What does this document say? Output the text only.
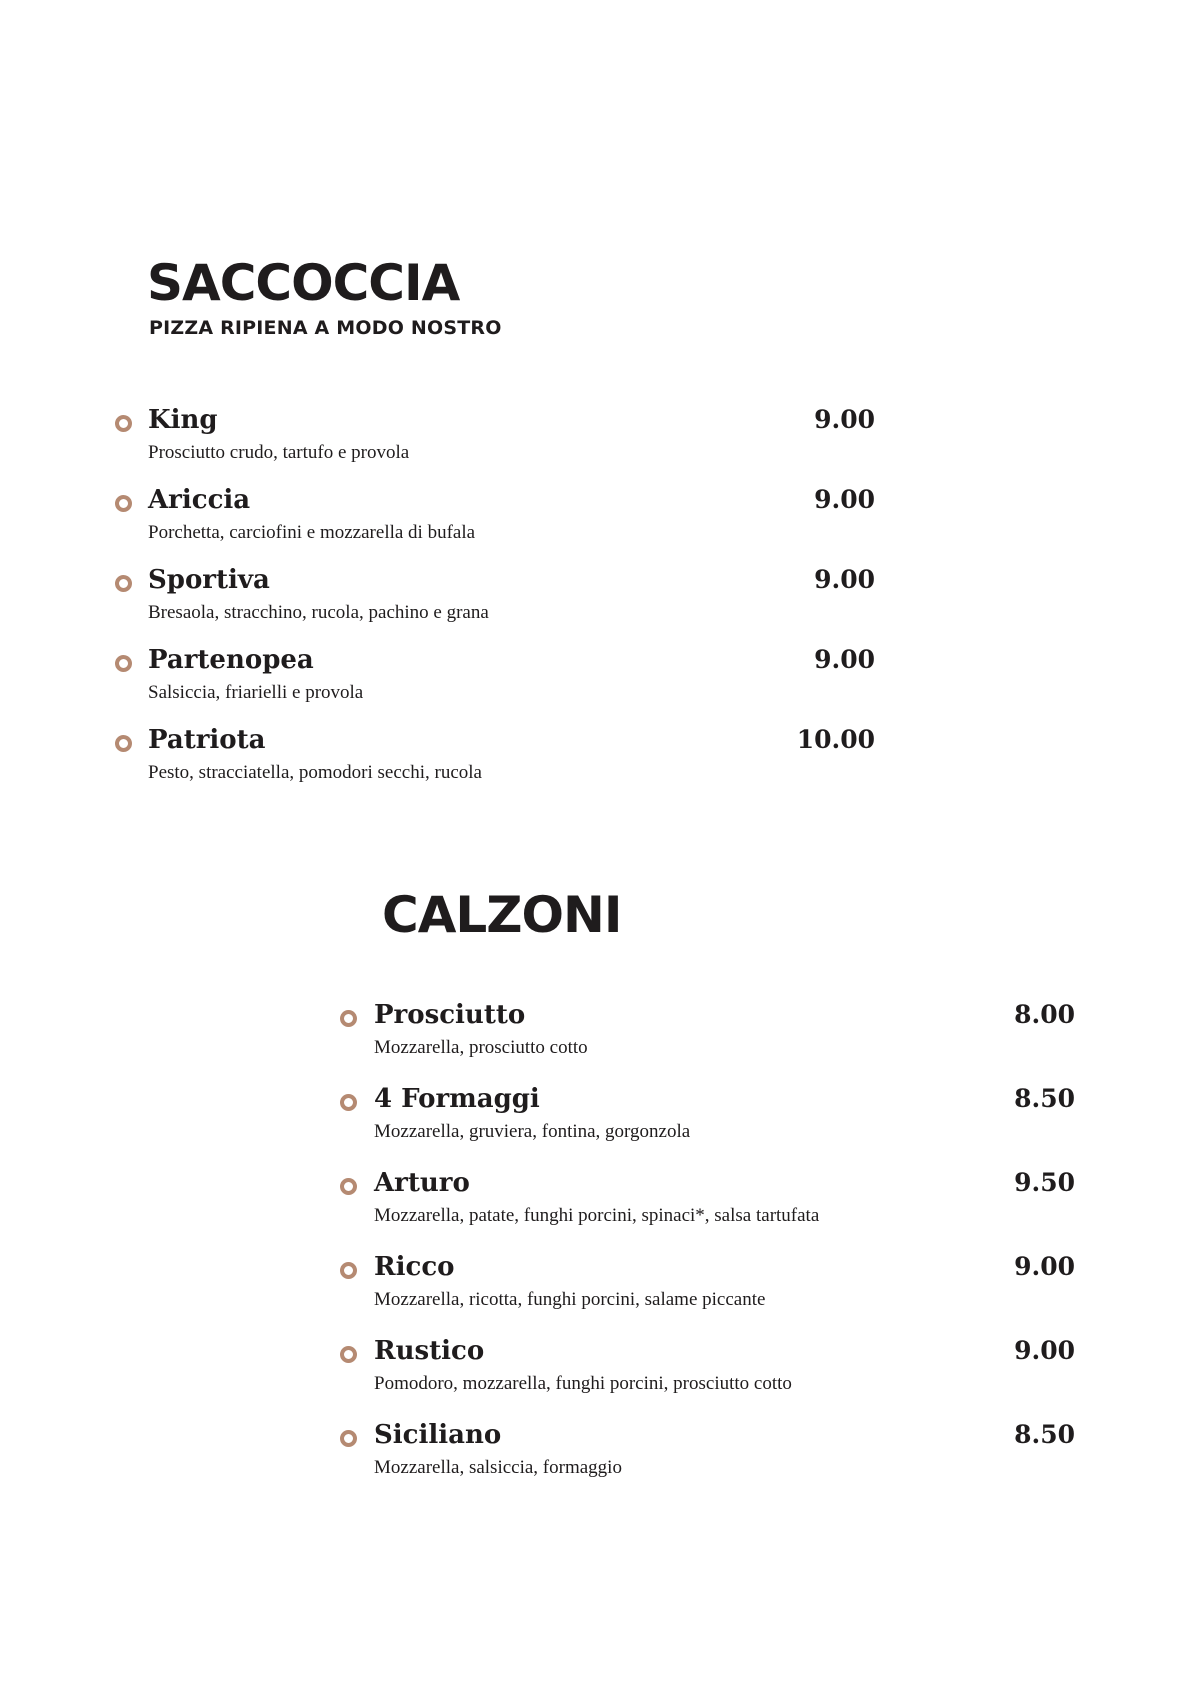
SACCOCCIA
PIZZA RIPIENA A MODO NOSTRO
King
Prosciutto crudo, tartufo e provola
9.00
Ariccia
Porchetta, carciofini e mozzarella di bufala
9.00
Sportiva
Bresaola, stracchino, rucola, pachino e grana
9.00
Partenopea
Salsiccia, friarielli e provola
9.00
Patriota
Pesto, stracciatella, pomodori secchi, rucola
10.00
CALZONI
Prosciutto
Mozzarella, prosciutto cotto
8.00
4 Formaggi
Mozzarella, gruviera, fontina, gorgonzola
8.50
Arturo
Mozzarella, patate, funghi porcini, spinaci*, salsa tartufata
9.50
Ricco
Mozzarella, ricotta, funghi porcini, salame piccante
9.00
Rustico
Pomodoro, mozzarella, funghi porcini, prosciutto cotto
9.00
Siciliano
Mozzarella, salsiccia, formaggio
8.50
